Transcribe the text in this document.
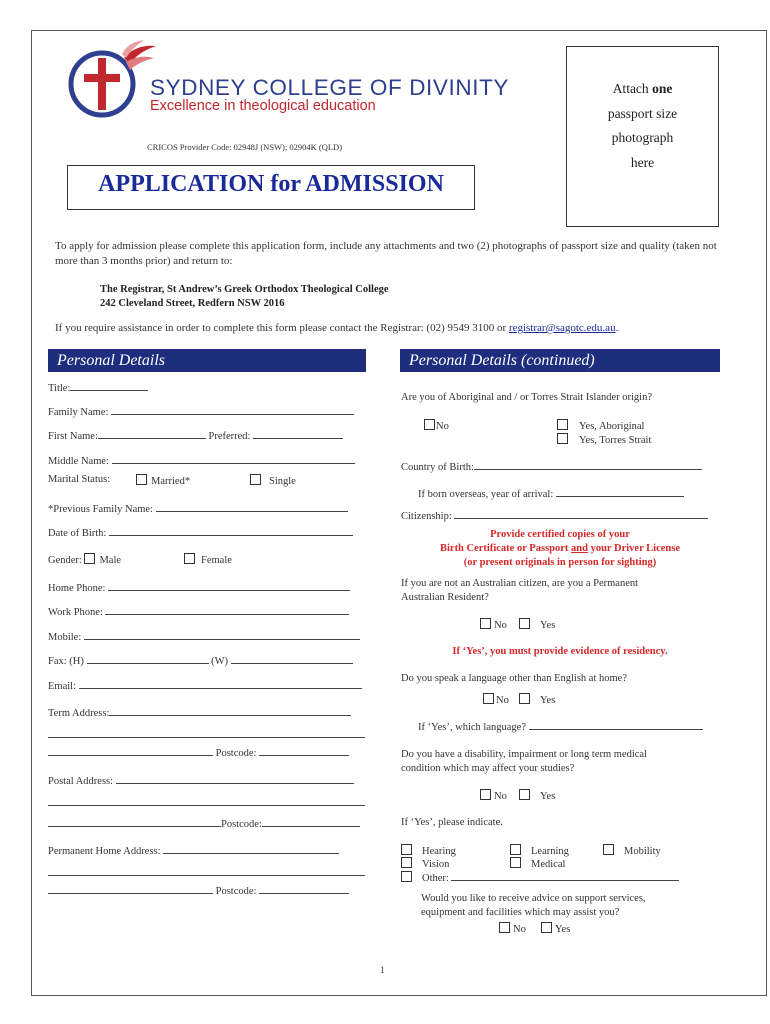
SYDNEY COLLEGE OF DIVINITY
Excellence in theological education
CRICOS Provider Code: 02948J (NSW); 02904K (QLD)
APPLICATION for ADMISSION
Attach one
passport size
photograph
here
To apply for admission please complete this application form, include any attachments and two (2) photographs of passport size and quality (taken not more than 3 months prior) and return to:
The Registrar, St Andrew’s Greek Orthodox Theological College
242 Cleveland Street, Redfern NSW 2016
If you require assistance in order to complete this form please contact the Registrar: (02) 9549 3100 or registrar@sagotc.edu.au.
Personal Details	Personal Details (continued)
Title:
Family Name:
First Name:	Preferred:
Middle Name:
Marital Status:	Married*	Single
*Previous Family Name:
Date of Birth:
Gender: Male	Female
Home Phone:
Work Phone:
Mobile:
Fax: (H)	(W)
Email:
Term Address:
Postcode:
Postal Address:
Postcode:
Permanent Home Address:
Postcode:
Are you of Aboriginal and / or Torres Strait Islander origin?
No	Yes, Aboriginal
Yes, Torres Strait
Country of Birth:
If born overseas, year of arrival:
Citizenship:
Provide certified copies of your
Birth Certificate or Passport and your Driver License
(or present originals in person for sighting)
If you are not an Australian citizen, are you a Permanent
Australian Resident?
No	Yes
If ‘Yes’, you must provide evidence of residency.
Do you speak a language other than English at home?
No	Yes
If ‘Yes’, which language?
Do you have a disability, impairment or long term medical
condition which may affect your studies?
No	Yes
If ‘Yes’, please indicate.
Hearing	Learning	Mobility
Vision	Medical
Other:
Would you like to receive advice on support services,
equipment and facilities which may assist you?
No	Yes
1
